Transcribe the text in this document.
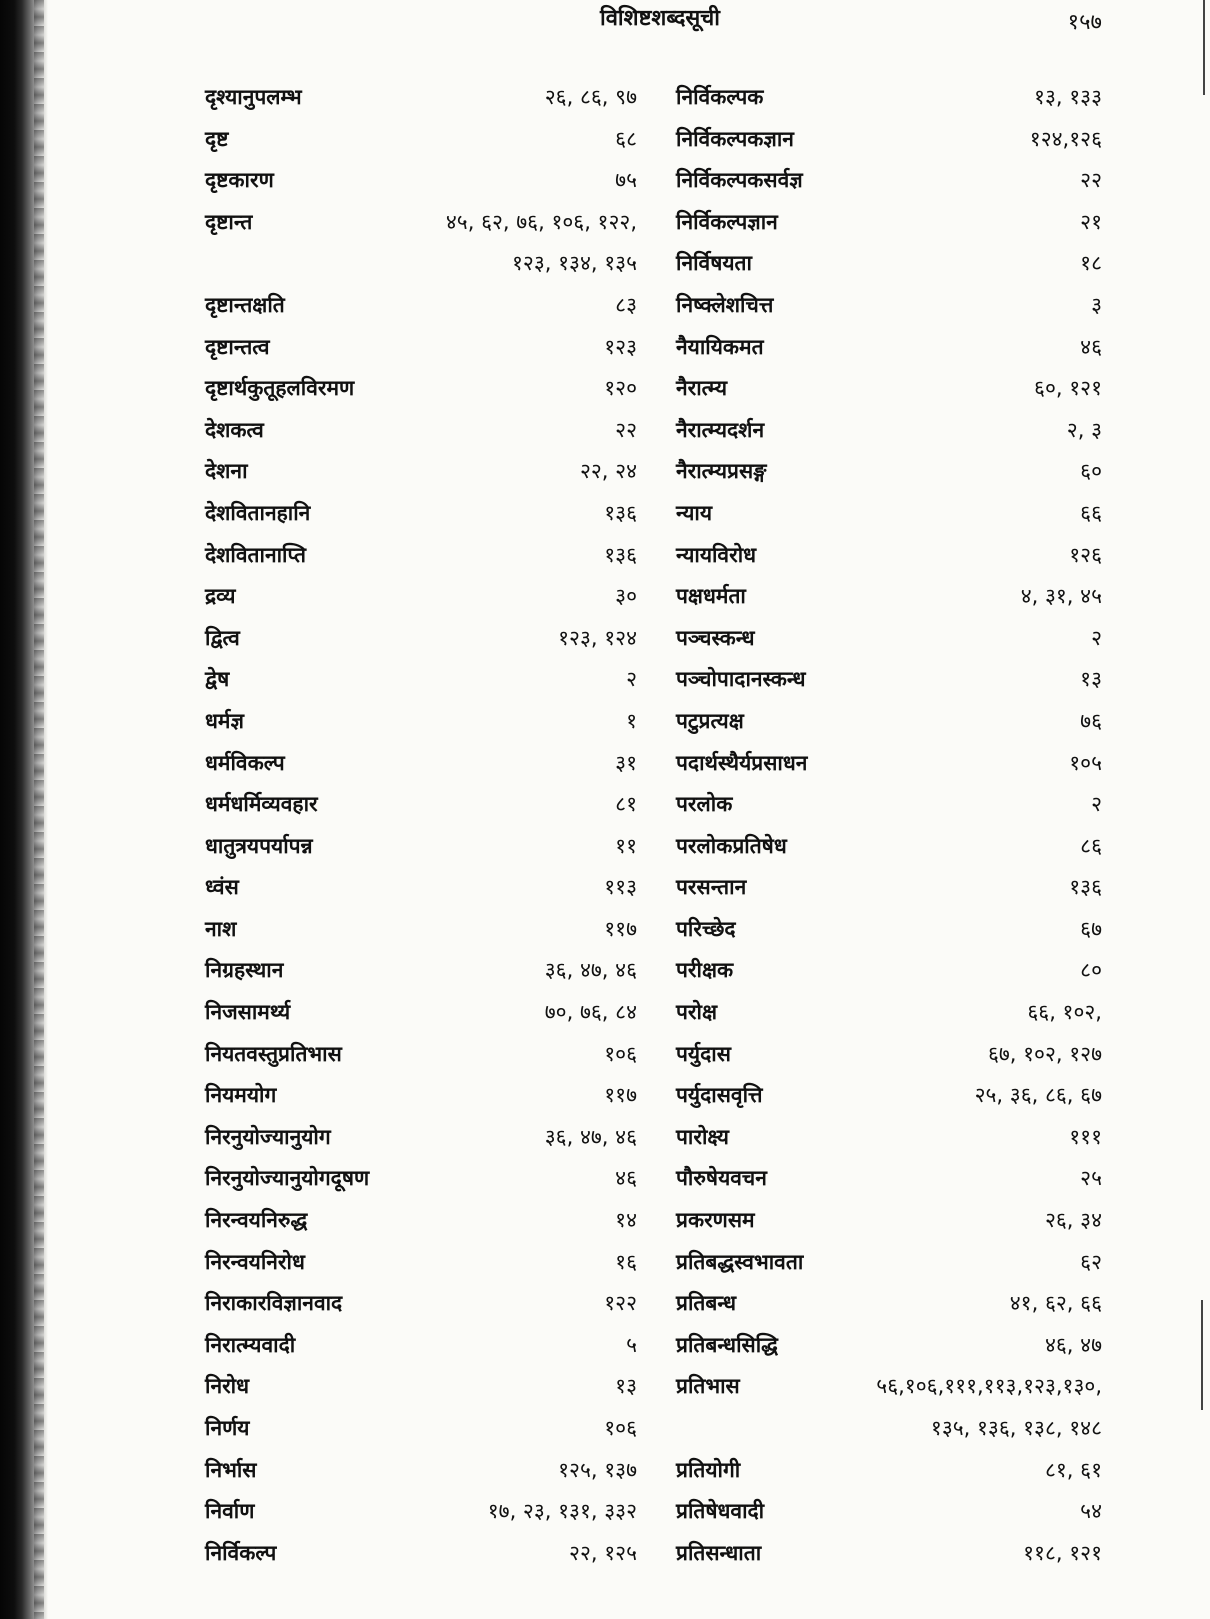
विशिष्टशब्दसूची	१५७
दृश्यानुपलम्भ	२६, ८६, ९७
दृष्ट	६८
दृष्टकारण	७५
दृष्टान्त	४५, ६२, ७६, १०६, १२२,
१२३, १३४, १३५
दृष्टान्तक्षति	८३
दृष्टान्तत्व	१२३
दृष्टार्थकुतूहलविरमण	१२०
देशकत्व	२२
देशना	२२, २४
देशवितानहानि	१३६
देशवितानाप्ति	१३६
द्रव्य	३०
द्वित्व	१२३, १२४
द्वेष	२
धर्मज्ञ	१
धर्मविकल्प	३१
धर्मधर्मिव्यवहार	८१
धातुत्रयपर्यापन्न	११
ध्वंस	११३
नाश	११७
निग्रहस्थान	३६, ४७, ४६
निजसामर्थ्य	७०, ७६, ८४
नियतवस्तुप्रतिभास	१०६
नियमयोग	११७
निरनुयोज्यानुयोग	३६, ४७, ४६
निरनुयोज्यानुयोगदूषण	४६
निरन्वयनिरुद्ध	१४
निरन्वयनिरोध	१६
निराकारविज्ञानवाद	१२२
निरात्म्यवादी	५
निरोध	१३
निर्णय	१०६
निर्भास	१२५, १३७
निर्वाण	१७, २३, १३१, ३३२
निर्विकल्प	२२, १२५
निर्विकल्पक	१३, १३३
निर्विकल्पकज्ञान	१२४,१२६
निर्विकल्पकसर्वज्ञ	२२
निर्विकल्पज्ञान	२१
निर्विषयता	१८
निष्क्लेशचित्त	३
नैयायिकमत	४६
नैरात्म्य	६०, १२१
नैरात्म्यदर्शन	२, ३
नैरात्म्यप्रसङ्ग	६०
न्याय	६६
न्यायविरोध	१२६
पक्षधर्मता	४, ३१, ४५
पञ्चस्कन्ध	२
पञ्चोपादानस्कन्ध	१३
पटुप्रत्यक्ष	७६
पदार्थस्थैर्यप्रसाधन	१०५
परलोक	२
परलोकप्रतिषेध	८६
परसन्तान	१३६
परिच्छेद	६७
परीक्षक	८०
परोक्ष	६६, १०२,
पर्युदास	६७, १०२, १२७
पर्युदासवृत्ति	२५, ३६, ८६, ६७
पारोक्ष्य	१११
पौरुषेयवचन	२५
प्रकरणसम	२६, ३४
प्रतिबद्धस्वभावता	६२
प्रतिबन्ध	४१, ६२, ६६
प्रतिबन्धसिद्धि	४६, ४७
प्रतिभास	५६,१०६,१११,११३,१२३,१३०,
१३५, १३६, १३८, १४८
प्रतियोगी	८१, ६१
प्रतिषेधवादी	५४
प्रतिसन्धाता	११८, १२१
